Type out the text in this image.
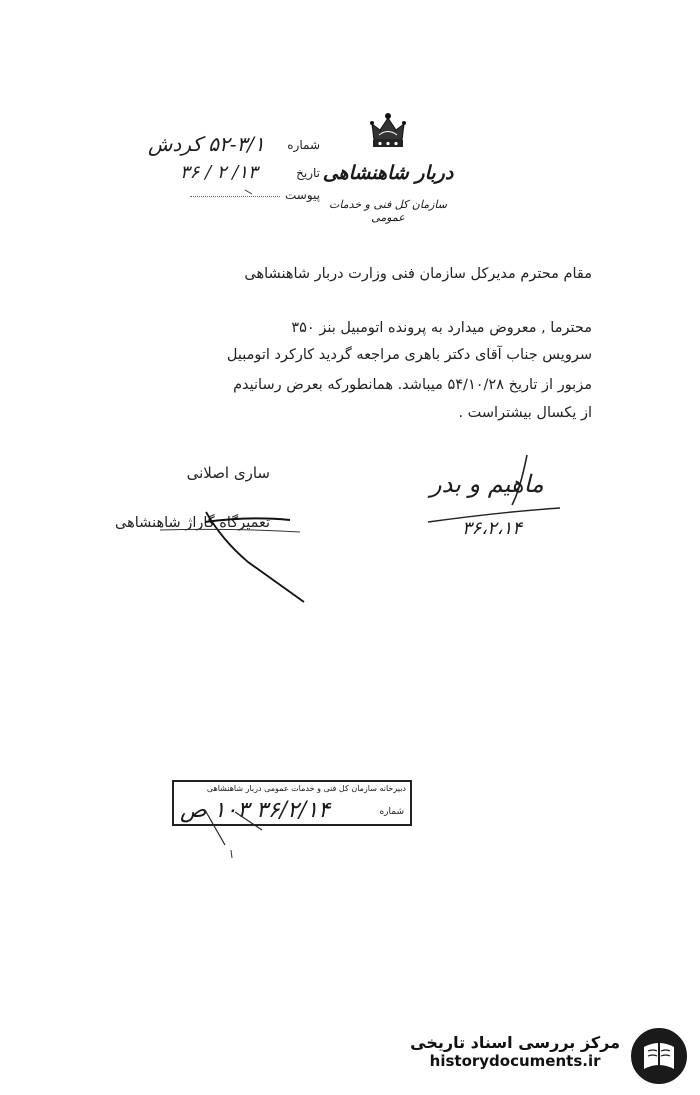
دربار شاهنشاهی
سازمان کل فنی و خدمات عمومی
شماره
۵۲-۳/۱ کردش
تاریخ
۱۳/ ۲ / ۳۶
پیوست
مقام محترم مدیرکل سازمان فنی وزارت دربار شاهنشاهی
محترما , معروض میدارد به پرونده اتومبیل بنز ۳۵۰
سرویس جناب آقای دکتر باهری مراجعه گردید کارکرد اتومبیل
مزبور از تاریخ ۵۴/۱۰/۲۸ میباشد. همانطورکه بعرض رسانیدم
از یکسال بیشتراست .
ساری اصلانی
تعمیرگاه گاراژ شاهنشاهی
ماهیم و بدر
۳۶،۲،۱۴
دبیرخانه سازمان کل فنی و خدمات عمومی دربار شاهنشاهی
شماره
۳۶/۲/۱۴ ۱۰۳ ص
مرکز بررسی اسناد تاریخی
historydocuments.ir
